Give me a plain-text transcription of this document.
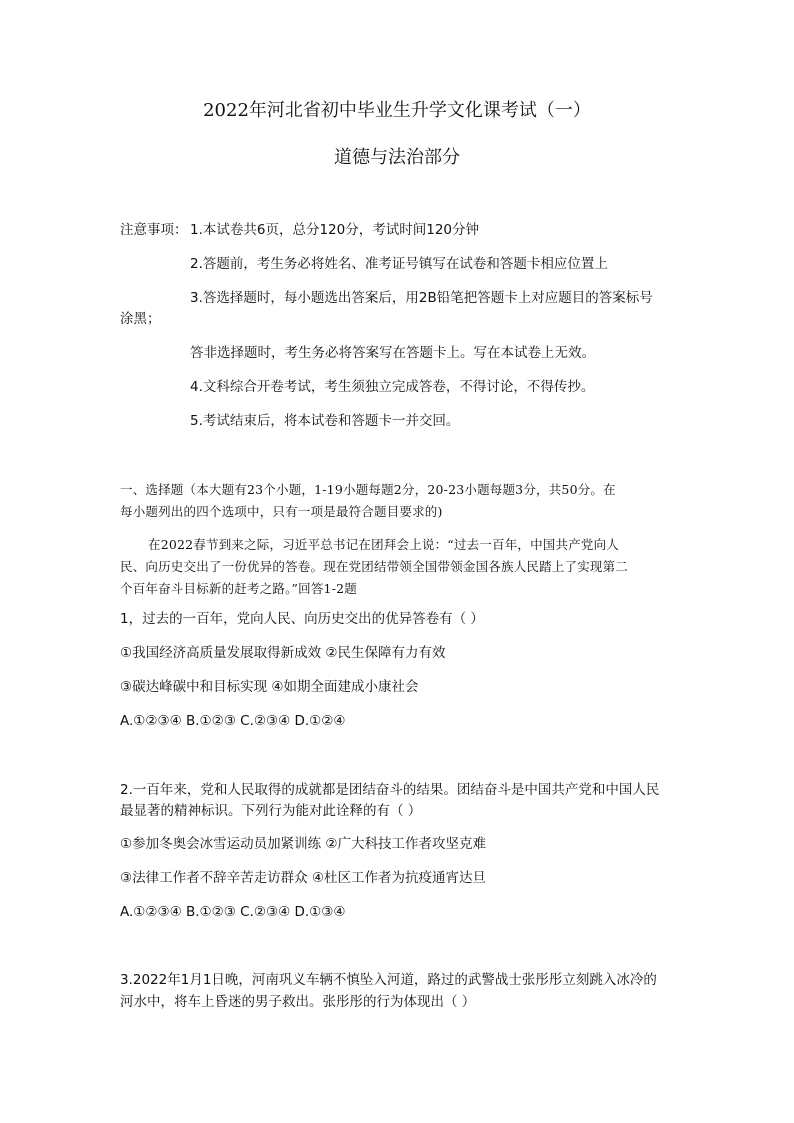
2022年河北省初中毕业生升学文化课考试（一）
道德与法治部分
注意事项： 1.本试卷共6页，总分120分，考试时间120分钟
2.答题前，考生务必将姓名、准考证号镇写在试卷和答题卡相应位置上
3.答选择题时，每小题选出答案后，用2B铅笔把答题卡上对应题目的答案标号
涂黑；
答非选择题时，考生务必将答案写在答题卡上。写在本试卷上无效。
4.文科综合开卷考试，考生须独立完成答卷，不得讨论，不得传抄。
5.考试结束后，将本试卷和答题卡一并交回。
一、选择题（本大题有23个小题，1-19小题每题2分，20-23小题每题3分，共50分。在
每小题列出的四个选项中，只有一项是最符合题目要求的)
在2022春节到来之际，习近平总书记在团拜会上说：“过去一百年，中国共产党向人
民、向历史交出了一份优异的答卷。现在党团结带领全国带领金国各族人民踏上了实现第二
个百年奋斗目标新的赶考之路。”回答1-2题
1，过去的一百年，党向人民、向历史交出的优异答卷有（ ）
①我国经济高质量发展取得新成效 ②民生保障有力有效
③碳达峰碳中和目标实现 ④如期全面建成小康社会
A.①②③④ B.①②③ C.②③④ D.①②④
2.一百年来，党和人民取得的成就都是团结奋斗的结果。团结奋斗是中国共产党和中国人民
最显著的精神标识。下列行为能对此诠释的有（ ）
①参加冬奥会冰雪运动员加紧训练 ②广大科技工作者攻坚克难
③法律工作者不辞辛苦走访群众 ④杜区工作者为抗疫通宵达旦
A.①②③④ B.①②③ C.②③④ D.①③④
3.2022年1月1日晚，河南巩义车辆不慎坠入河道，路过的武警战士张彤彤立刻跳入冰冷的
河水中，将车上昏迷的男子救出。张彤彤的行为体现出（ ）
